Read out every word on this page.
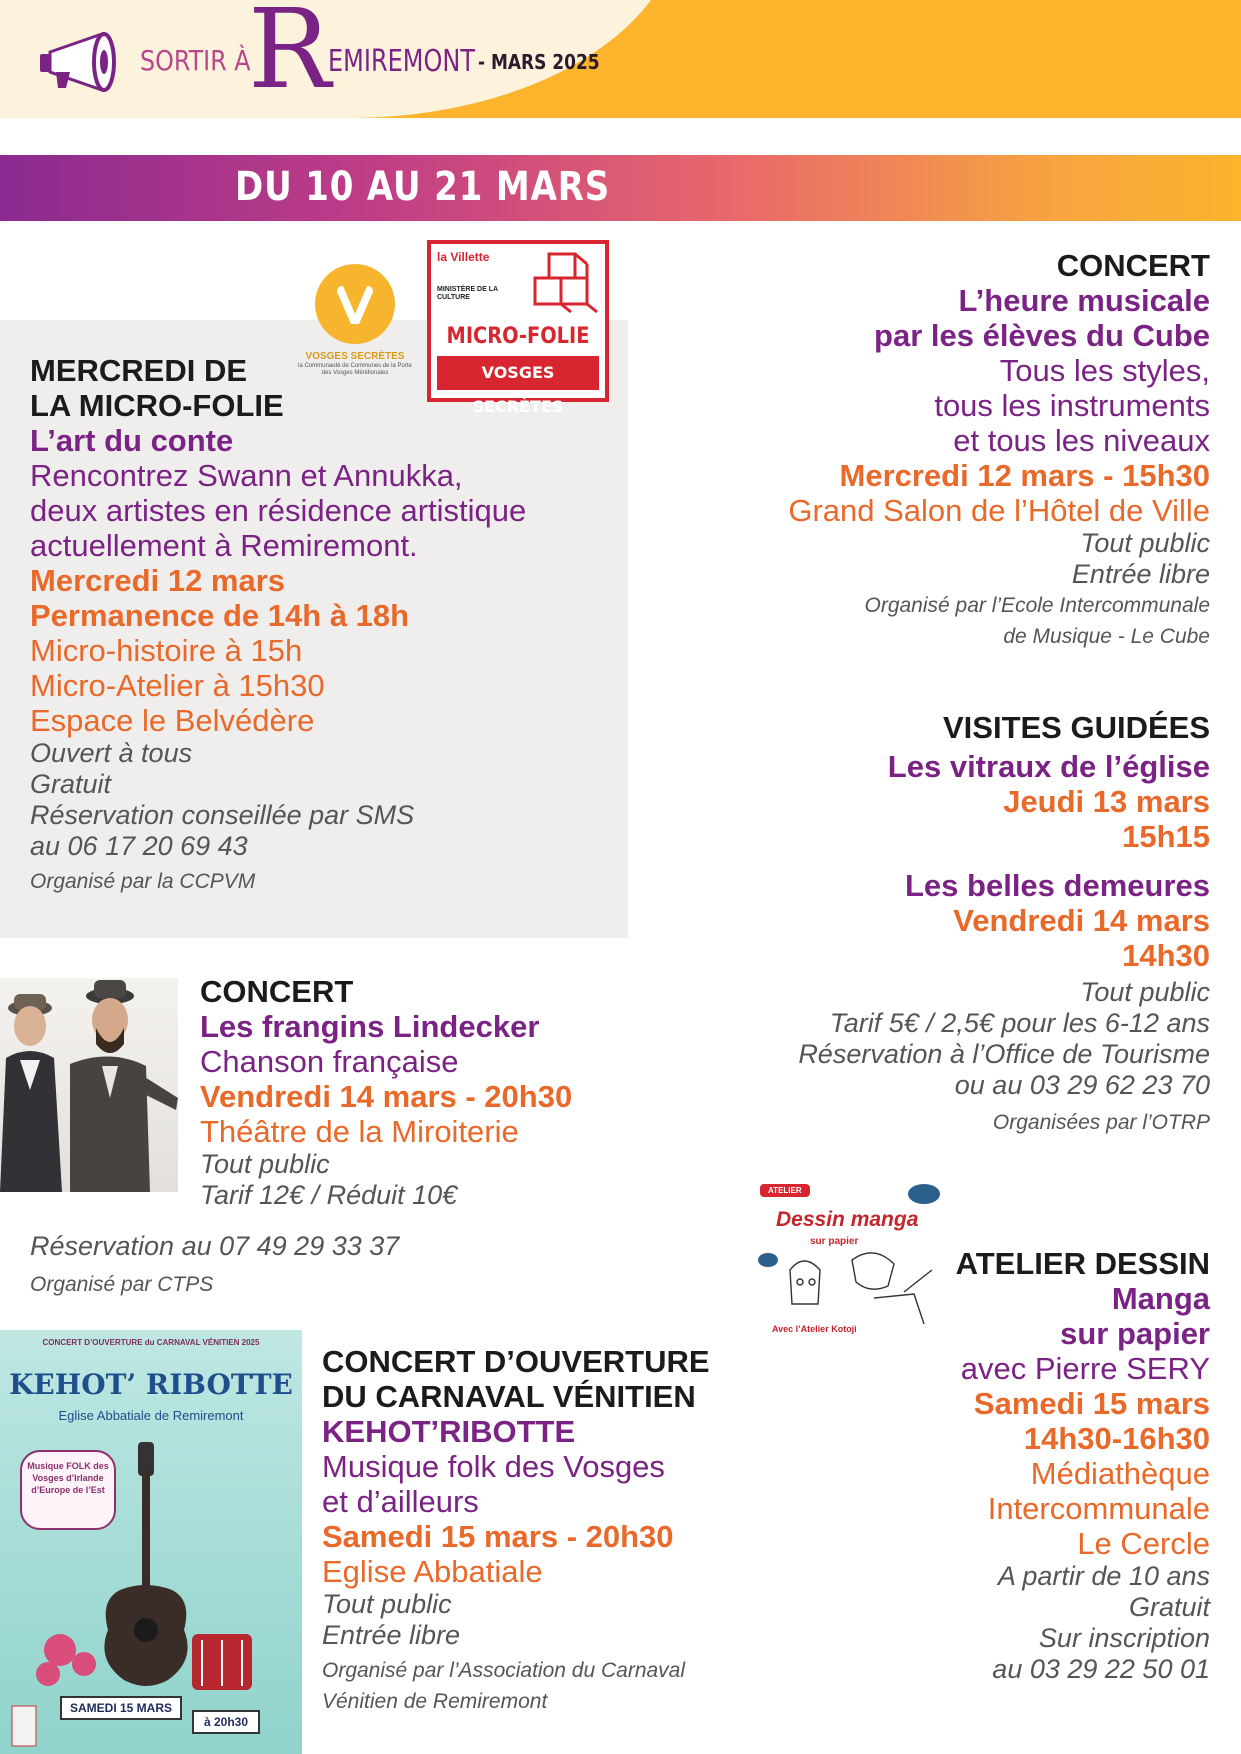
SORTIR À
R
EMIREMONT - MARS 2025
DU 10 AU 21 MARS
VOSGES SECRÈTES
la Communauté de Communes de la Porte des Vosges Méridionales
la Villette
MINISTÈRE DE LA CULTURE
MICRO-FOLIE
VOSGES SECRÈTES
MERCREDI DE
LA MICRO-FOLIE
L’art du conte
Rencontrez Swann et Annukka,
deux artistes en résidence artistique
actuellement à Remiremont.
Mercredi 12 mars
Permanence de 14h à 18h
Micro-histoire à 15h
Micro-Atelier à 15h30
Espace le Belvédère
Ouvert à tous
Gratuit
Réservation conseillée par SMS
au 06 17 20 69 43
Organisé par la CCPVM
CONCERT
L’heure musicale
par les élèves du Cube
Tous les styles,
tous les instruments
et tous les niveaux
Mercredi 12 mars - 15h30
Grand Salon de l’Hôtel de Ville
Tout public
Entrée libre
Organisé par l’Ecole Intercommunale
de Musique - Le Cube
VISITES GUIDÉES
Les vitraux de l’église
Jeudi 13 mars
15h15
Les belles demeures
Vendredi 14 mars
14h30
Tout public
Tarif 5€ / 2,5€ pour les 6-12 ans
Réservation à l’Office de Tourisme
ou au 03 29 62 23 70
Organisées par l’OTRP
CONCERT
Les frangins Lindecker
Chanson française
Vendredi 14 mars - 20h30
Théâtre de la Miroiterie
Tout public
Tarif 12€ / Réduit 10€
Réservation au 07 49 29 33 37
Organisé par CTPS
ATELIER
Dessin manga
sur papier
Avec l’Atelier Kotoji
ATELIER DESSIN
Manga
sur papier
avec Pierre SERY
Samedi 15 mars
14h30-16h30
Médiathèque
Intercommunale
Le Cercle
A partir de 10 ans
Gratuit
Sur inscription
au 03 29 22 50 01
CONCERT D’OUVERTURE du CARNAVAL VÉNITIEN 2025
KEHOT’ RIBOTTE
Eglise Abbatiale de Remiremont
Musique FOLK des Vosges d’Irlande d’Europe de l’Est
SAMEDI 15 MARS
à 20h30
CONCERT D’OUVERTURE
DU CARNAVAL VÉNITIEN
KEHOT’RIBOTTE
Musique folk des Vosges
et d’ailleurs
Samedi 15 mars - 20h30
Eglise Abbatiale
Tout public
Entrée libre
Organisé par l’Association du Carnaval
Vénitien de Remiremont
